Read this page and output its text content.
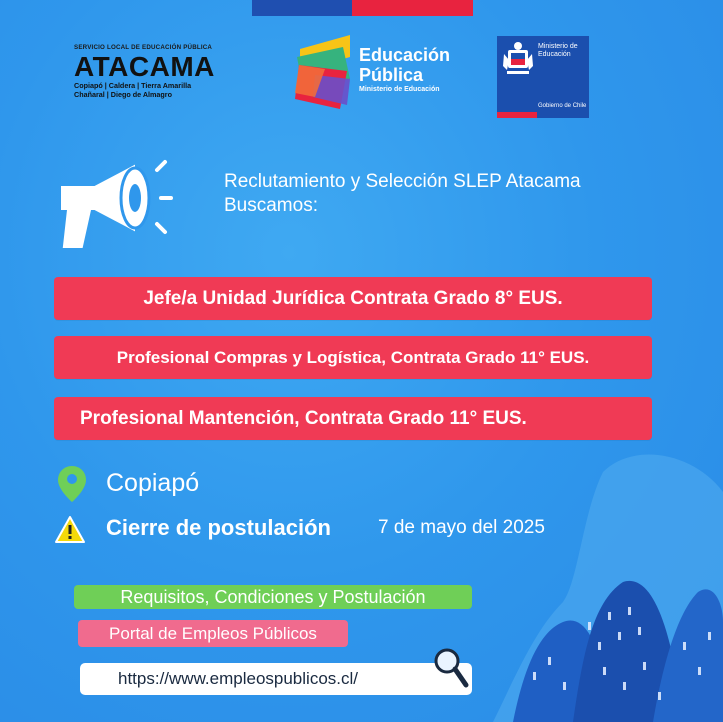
SERVICIO LOCAL DE EDUCACIÓN PÚBLICA
ATACAMA
Copiapó | Caldera | Tierra Amarilla
Chañaral | Diego de Almagro
Educación
Pública
Ministerio de Educación
Ministerio de Educación
Gobierno de Chile
Reclutamiento y Selección SLEP Atacama
Buscamos:
Jefe/a Unidad Jurídica Contrata Grado 8° EUS.
Profesional Compras y Logística, Contrata Grado 11° EUS.
Profesional Mantención, Contrata Grado 11° EUS.
Copiapó
Cierre de postulación 7 de mayo del 2025
Requisitos, Condiciones y Postulación
Portal de Empleos Públicos
https://www.empleospublicos.cl/
